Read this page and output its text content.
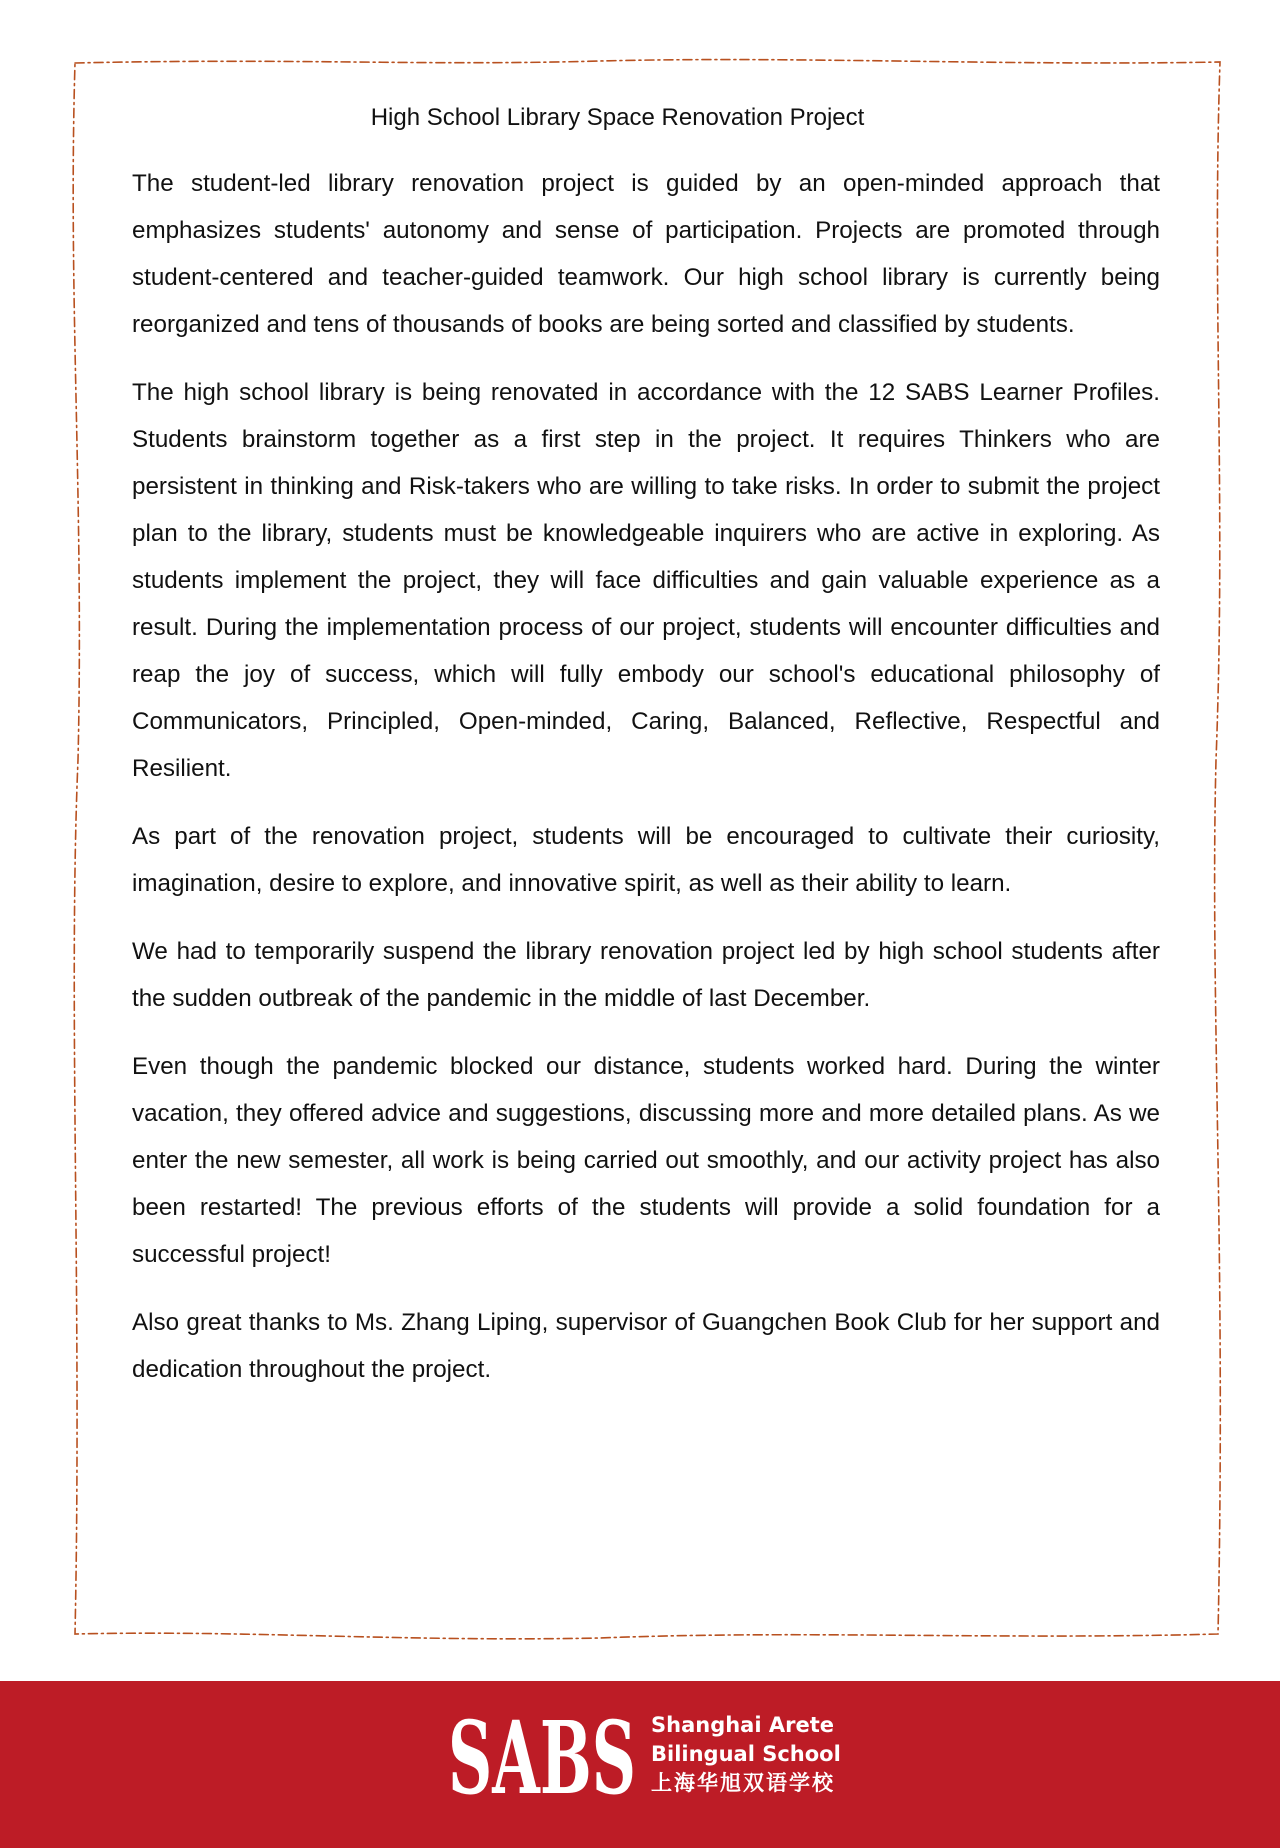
High School Library Space Renovation Project

The student-led library renovation project is guided by an open-minded approach that emphasizes students' autonomy and sense of participation. Projects are promoted through student-centered and teacher-guided teamwork. Our high school library is currently being reorganized and tens of thousands of books are being sorted and classified by students.

The high school library is being renovated in accordance with the 12 SABS Learner Profiles. Students brainstorm together as a first step in the project. It requires Thinkers who are persistent in thinking and Risk-takers who are willing to take risks. In order to submit the project plan to the library, students must be knowledgeable inquirers who are active in exploring. As students implement the project, they will face difficulties and gain valuable experience as a result. During the implementation process of our project, students will encounter difficulties and reap the joy of success, which will fully embody our school's educational philosophy of Communicators, Principled, Open-minded, Caring, Balanced, Reflective, Respectful and Resilient.

As part of the renovation project, students will be encouraged to cultivate their curiosity, imagination, desire to explore, and innovative spirit, as well as their ability to learn.

We had to temporarily suspend the library renovation project led by high school students after the sudden outbreak of the pandemic in the middle of last December.

Even though the pandemic blocked our distance, students worked hard. During the winter vacation, they offered advice and suggestions, discussing more and more detailed plans. As we enter the new semester, all work is being carried out smoothly, and our activity project has also been restarted! The previous efforts of the students will provide a solid foundation for a successful project!

Also great thanks to Ms. Zhang Liping, supervisor of Guangchen Book Club for her support and dedication throughout the project.

SABS Shanghai Arete
Bilingual School
上海华旭双语学校
